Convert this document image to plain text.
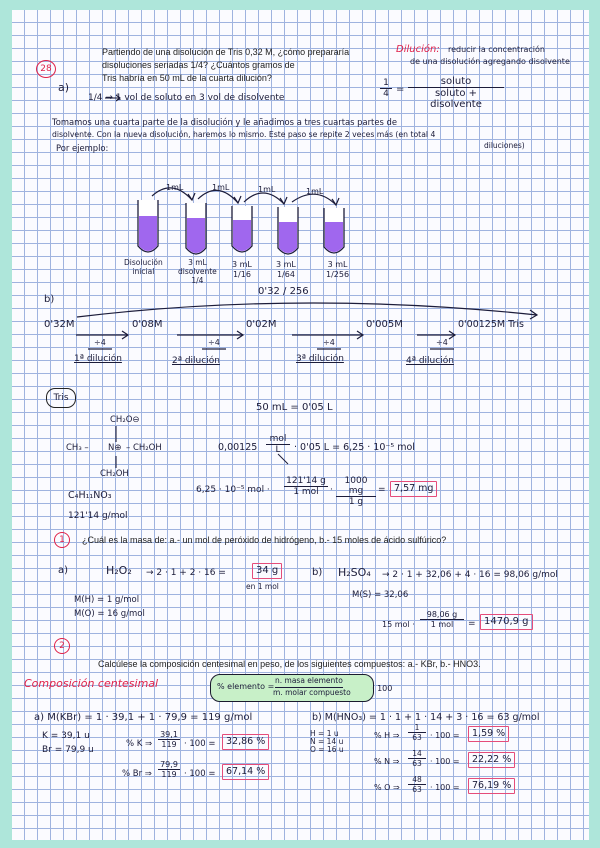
28
Partiendo de una disolución de Tris 0,32 M, ¿cómo prepararía
disoluciones seriadas 1/4? ¿Cuántos gramos de
Tris habría en 50 mL de la cuarta dilución?
Dilución: reducir la concentración
de una disolución agregando disolvente
a)
1/4 → 1 vol de soluto en 3 vol de disolvente	$\frac{1}{4}$ =
soluto
soluto + disolvente
Tomamos una cuarta parte de la disolución y le añadimos a tres cuartas partes de
disolvente. Con la nueva disolución, haremos lo mismo. Este paso se repite 2 veces más (en total 4
Por ejemplo:	diluciones)
1mL	1mL	1mL	1mL
Disolución
inicial
3 mL
disolvente
1/4
3 mL
1/16
3 mL
1/64
3 mL
1/256
b)
0'32 / 256
0'32M	0'08M	0'02M	0'005M	0'00125M Tris
÷4	÷4	÷4	÷4
1ª dilución	2ª dilución	3ª dilución	4ª dilución
Tris
CH₂O⊖
CH₃ – N⊕ – CH₂OH
CH₂OH
C₄H₁₁NO₃
121'14 g/mol
50 mL = 0'05 L
0,00125
mol
L	· 0'05 L = 6,25 · 10⁻⁵ mol
6,25 · 10⁻⁵ mol ·
121'14 g
1 mol	· $\frac{1000 mg}{1 g} = 7,57$ mg
1	¿Cuál es la masa de: a.- un mol de peróxido de hidrógeno, b.- 15 moles de ácido sulfúrico?
a)	H₂O₂ → 2 · 1 + 2 · 16 =	34 g
en 1 mol
M(H) = 1 g/mol
M(O) = 16 g/mol
b) H₂SO₄ → 2 · 1 + 32,06 + 4 · 16 = 98,06 g/mol
M(S) = 32,06
15 mol ·
98,06 g
1 mol	= 1470,9 g
2
Calcúlese la composición centesimal en peso, de los siguientes compuestos: a.- KBr, b.- HNO3.
Composición centesimal	% elemento =
n. masa elemento
m. molar compuesto	· 100
a) M(KBr) = 1 · 39,1 + 1 · 79,9 = 119 g/mol
K = 39,1 u
Br = 79,9 u
% K ⇒ $\frac{39,1}{119} \cdot 100$ =	32,86 %
% Br ⇒ $\frac{79,9}{119} \cdot 100$ =	67,14 %
b) M(HNO₃) = 1 · 1 + 1 · 14 + 3 · 16 = 63 g/mol
H = 1 u
N = 14 u
O = 16 u
% H ⇒ $\frac{1}{63} \cdot 100$ =	1,59 %
% N ⇒ $\frac{14}{63} \cdot 100$ =	22,22 %
% O ⇒ $\frac{48}{63} \cdot 100$ =	76,19 %
